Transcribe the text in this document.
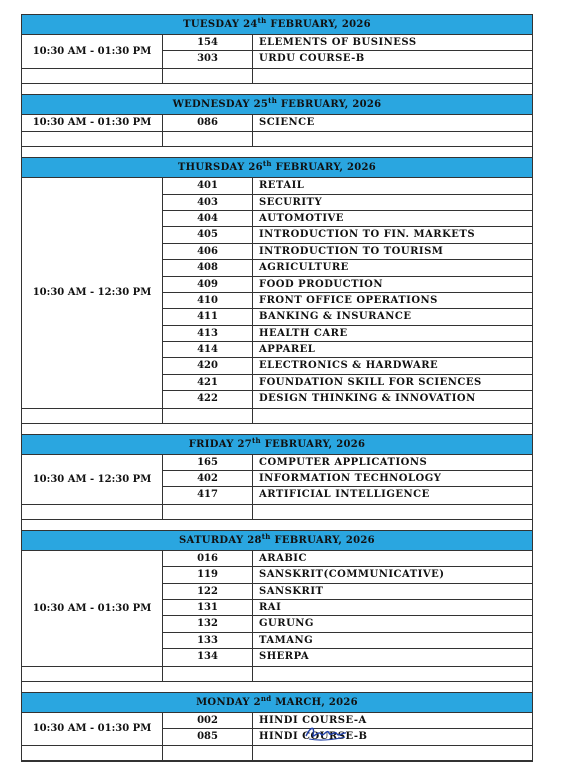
TUESDAY 24th FEBRUARY, 2026
10:30 AM - 01:30 PM
154	ELEMENTS OF BUSINESS
303	URDU COURSE-B
WEDNESDAY 25th FEBRUARY, 2026
10:30 AM - 01:30 PM	086	SCIENCE
THURSDAY 26th FEBRUARY, 2026
10:30 AM - 12:30 PM
401	RETAIL
403	SECURITY
404	AUTOMOTIVE
405	INTRODUCTION TO FIN. MARKETS
406	INTRODUCTION TO TOURISM
408	AGRICULTURE
409	FOOD PRODUCTION
410	FRONT OFFICE OPERATIONS
411	BANKING & INSURANCE
413	HEALTH CARE
414	APPAREL
420	ELECTRONICS & HARDWARE
421	FOUNDATION SKILL FOR SCIENCES
422	DESIGN THINKING & INNOVATION
FRIDAY 27th FEBRUARY, 2026
10:30 AM - 12:30 PM
165	COMPUTER APPLICATIONS
402	INFORMATION TECHNOLOGY
417	ARTIFICIAL INTELLIGENCE
SATURDAY 28th FEBRUARY, 2026
10:30 AM - 01:30 PM
016	ARABIC
119	SANSKRIT(COMMUNICATIVE)
122	SANSKRIT
131	RAI
132	GURUNG
133	TAMANG
134	SHERPA
MONDAY 2nd MARCH, 2026
10:30 AM - 01:30 PM
002	HINDI COURSE-A
085	HINDI COURSE-B
